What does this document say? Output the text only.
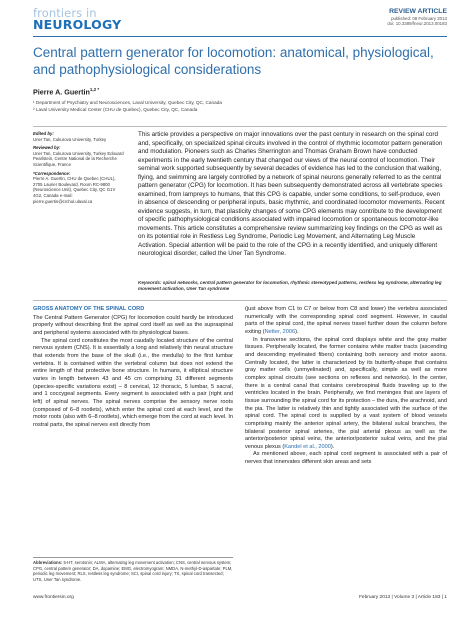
frontiers in
NEUROLOGY
REVIEW ARTICLE
published: 08 February 2013
doi: 10.3389/fneur.2013.00183
Central pattern generator for locomotion: anatomical, physiological, and pathophysiological considerations
Pierre A. Guertin$^{1,2 *}$
¹ Department of Psychiatry and Neurosciences, Laval University, Quebec City, QC, Canada
² Laval University Medical Center (CHU de Quebec), Quebec City, QC, Canada
Edited by:
Uner Tan, Cukurova University, Turkey
Reviewed by:
Uner Tan, Cukurova University, Turkey Edouard Pearlstein, Centre National de la Recherche Scientifique, France
*Correspondence:
Pierre A. Guertin, CHU de Quebec (CHUL), 2705 Laurier Boulevard, Room RC-9800 (Neuroscience Unit), Quebec City, QC G1V 4G2, Canada e-mail: pierre.guertin@crchul.ulaval.ca

This article provides a perspective on major innovations over the past century in research on the spinal cord and, specifically, on specialized spinal circuits involved in the control of rhythmic locomotor pattern generation and modulation. Pioneers such as Charles Sherrington and Thomas Graham Brown have conducted experiments in the early twentieth century that changed our views of the neural control of locomotion. Their seminal work supported subsequently by several decades of evidence has led to the conclusion that walking, flying, and swimming are largely controlled by a network of spinal neurons generally referred to as the central pattern generator (CPG) for locomotion. It has been subsequently demonstrated across all vertebrate species examined, from lampreys to humans, that this CPG is capable, under some conditions, to self-produce, even in absence of descending or peripheral inputs, basic rhythmic, and coordinated locomotor movements. Recent evidence suggests, in turn, that plasticity changes of some CPG elements may contribute to the development of specific pathophysiological conditions associated with impaired locomotion or spontaneous locomotor-like movements. This article constitutes a comprehensive review summarizing key findings on the CPG as well as on its potential role in Restless Leg Syndrome, Periodic Leg Movement, and Alternating Leg Muscle Activation. Special attention will be paid to the role of the CPG in a recently identified, and uniquely different neurological disorder, called the Uner Tan Syndrome.

Keywords: spinal networks, central pattern generator for locomotion, rhythmic stereotyped patterns, restless leg syndrome, alternating leg movement activation, Uner Tan syndrome
GROSS ANATOMY OF THE SPINAL CORD

The Central Pattern Generator (CPG) for locomotion could hardly be introduced properly without describing first the spinal cord itself as well as the supraspinal and peripheral systems associated with its physiological bases.

The spinal cord constitutes the most caudally located structure of the central nervous system (CNS). It is essentially a long and relatively thin neural structure that extends from the base of the skull (i.e., the medulla) to the first lumbar vertebra. It is contained within the vertebral column but does not extend the entire length of that protective bone structure. In humans, it elliptical structure varies in length between 43 and 45 cm comprising 31 different segments (species-specific variations exist) – 8 cervical, 12 thoracic, 5 lumbar, 5 sacral, and 1 coccygeal segments. Every segment is associated with a pair (right and left) of spinal nerves. The spinal nerves comprise the sensory nerve roots (composed of 6–8 rootlets), which enter the spinal cord at each level, and the motor roots (also with 6–8 rootlets), which emerge from the cord at each level. In rostral parts, the spinal nerves exit directly from

(just above from C1 to C7 or below from C8 and lower) the vertebra associated numerically with the corresponding spinal cord segment. However, in caudal parts of the spinal cord, the spinal nerves travel further down the column before exiting (Netter, 2006).

In transverse sections, the spinal cord displays white and the gray matter tissues. Peripherally located, the former contains white matter tracts (ascending and descending myelinated fibers) containing both sensory and motor axons. Centrally located, the latter is characterized by its butterfly-shape that contains gray matter cells (unmyelinated) and, specifically, simple as well as more complex spinal circuits (see sections on reflexes and networks). In the center, there is a central canal that contains cerebrospinal fluids traveling up to the ventricles located in the brain. Peripherally, we find meninges that are layers of tissue surrounding the spinal cord for its protection – the dura, the arachnoid, and the pia. The latter is relatively thin and tightly associated with the surface of the spinal cord. The spinal cord is supplied by a vast system of blood vessels comprising mainly the anterior spinal artery, the bilateral sulcal branches, the bilateral posterior spinal arteries, the pial arterial plexus as well as the anterior/posterior spinal veins, the anterior/posterior sulcal veins, and the pial venous plexus (Kandel et al., 2000).

As mentioned above, each spinal cord segment is associated with a pair of nerves that innervates different skin areas and sets

Abbreviations: 5-HT, serotonin; ALMA, alternating leg movement activation; CNS, central nervous system; CPG, central pattern generator; DA, dopamine; EMG, electromyogram; NMDA, N-methyl-D-aspartate; PLM, periodic leg movement; RLS, restless leg syndrome; SCI, spinal cord injury; TX, spinal cord transected; UTS, Uner Tan syndrome.
www.frontiersin.org	February 2013 | Volume 3 | Article 183 | 1
